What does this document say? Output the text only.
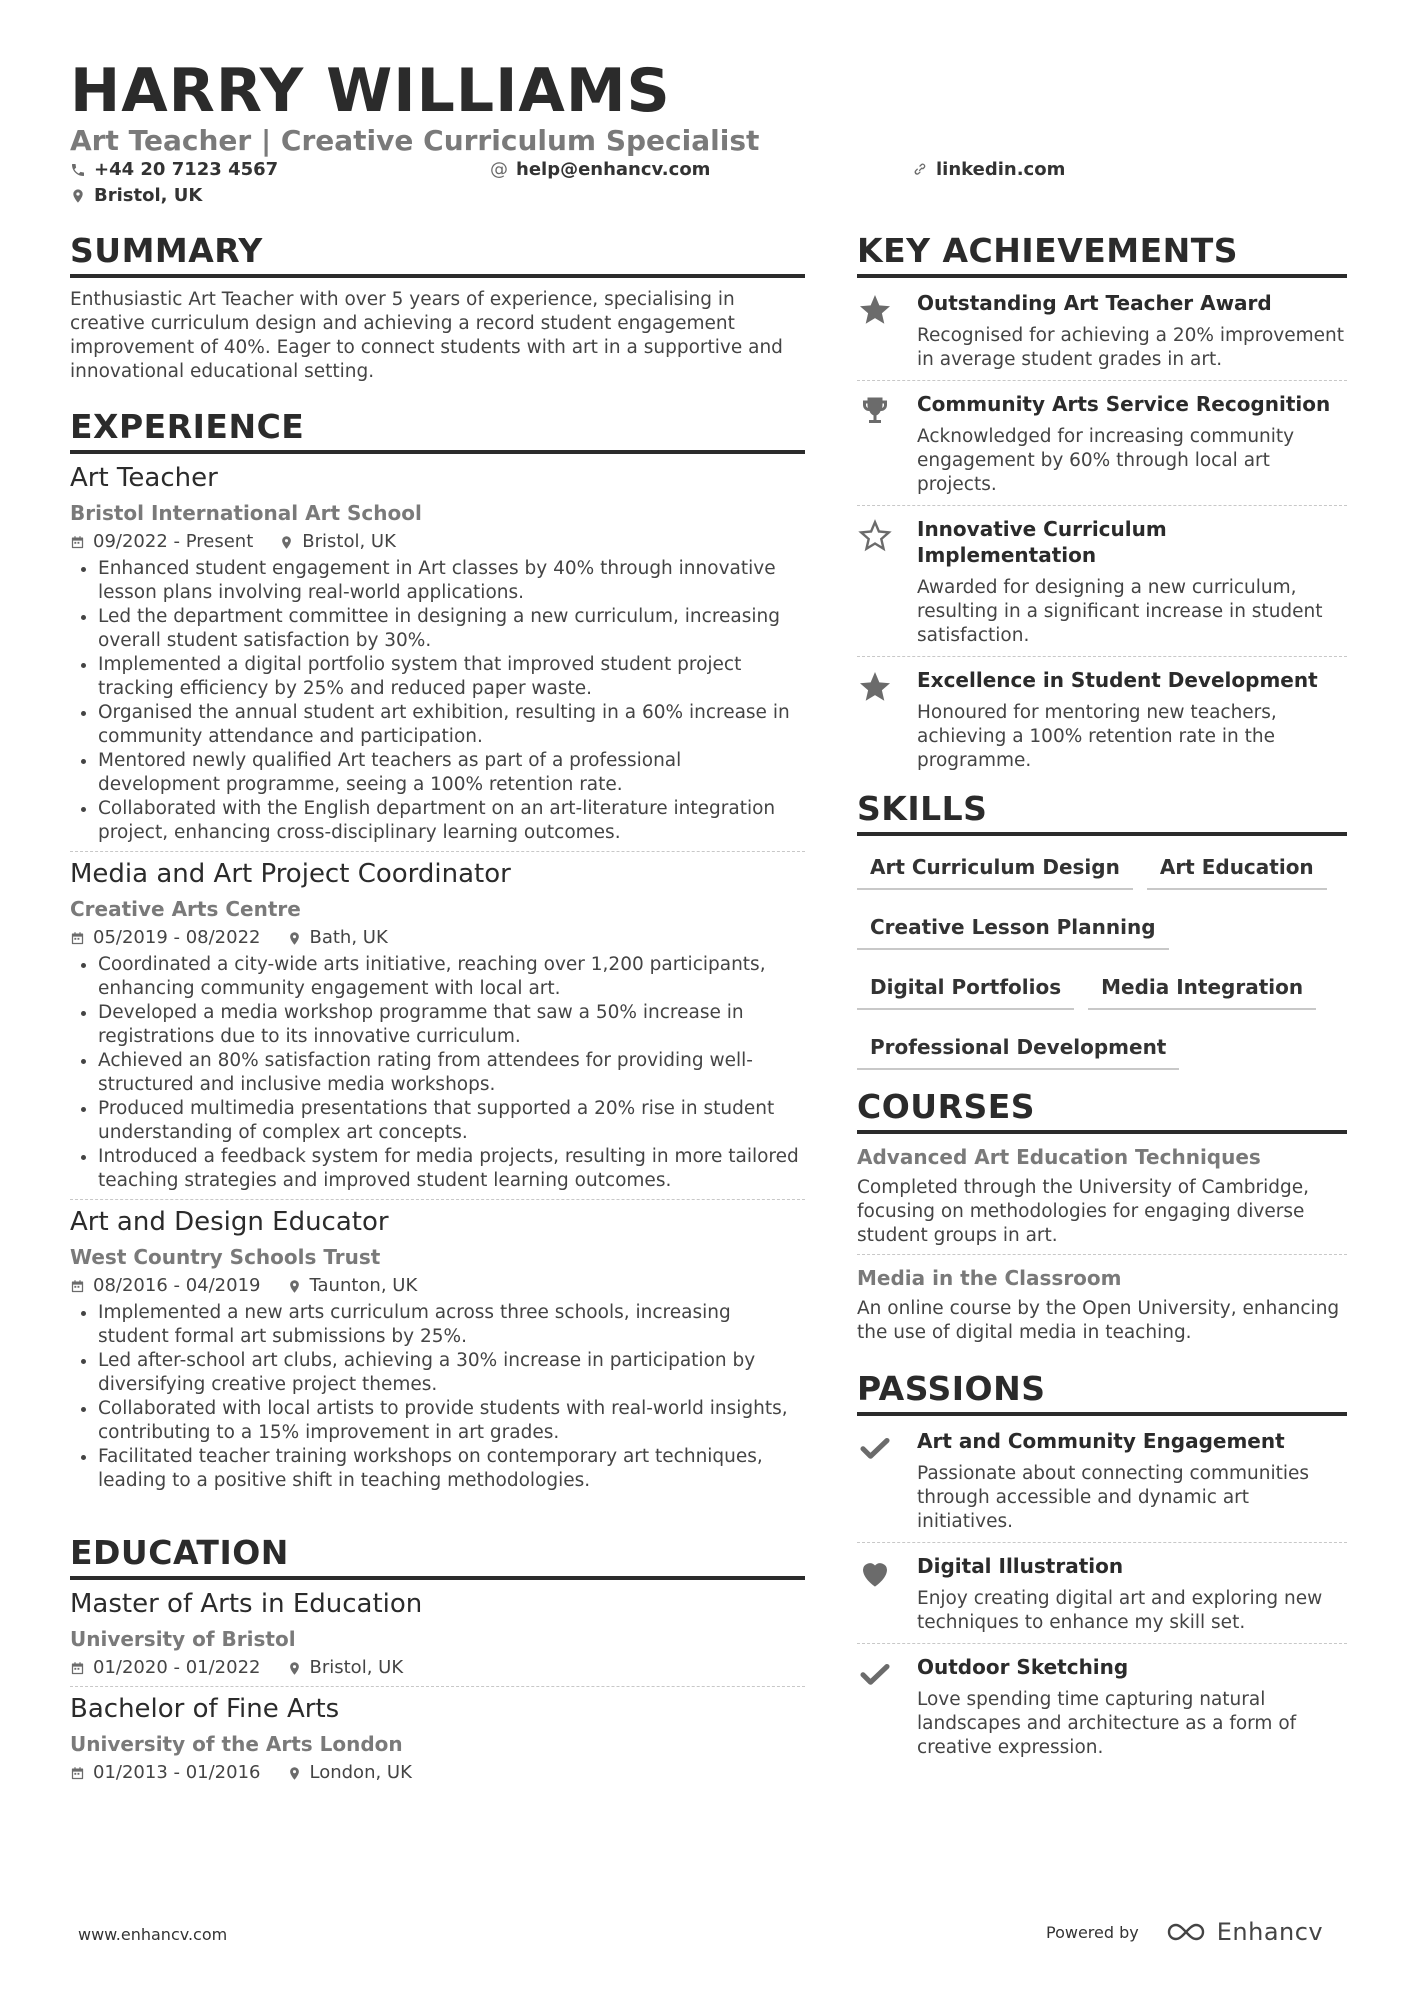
HARRY WILLIAMS
Art Teacher | Creative Curriculum Specialist
+44 20 7123 4567	@ help@enhancv.com	linkedin.com
Bristol, UK
SUMMARY
Enthusiastic Art Teacher with over 5 years of experience, specialising in creative curriculum design and achieving a record student engagement improvement of 40%. Eager to connect students with art in a supportive and innovational educational setting.
EXPERIENCE
Art Teacher
Bristol International Art School
09/2022 - Present	Bristol, UK
• Enhanced student engagement in Art classes by 40% through innovative lesson plans involving real-world applications.
• Led the department committee in designing a new curriculum, increasing overall student satisfaction by 30%.
• Implemented a digital portfolio system that improved student project tracking efficiency by 25% and reduced paper waste.
• Organised the annual student art exhibition, resulting in a 60% increase in community attendance and participation.
• Mentored newly qualified Art teachers as part of a professional development programme, seeing a 100% retention rate.
• Collaborated with the English department on an art-literature integration project, enhancing cross-disciplinary learning outcomes.
Media and Art Project Coordinator
Creative Arts Centre
05/2019 - 08/2022	Bath, UK
• Coordinated a city-wide arts initiative, reaching over 1,200 participants, enhancing community engagement with local art.
• Developed a media workshop programme that saw a 50% increase in registrations due to its innovative curriculum.
• Achieved an 80% satisfaction rating from attendees for providing well-structured and inclusive media workshops.
• Produced multimedia presentations that supported a 20% rise in student understanding of complex art concepts.
• Introduced a feedback system for media projects, resulting in more tailored teaching strategies and improved student learning outcomes.
Art and Design Educator
West Country Schools Trust
08/2016 - 04/2019	Taunton, UK
• Implemented a new arts curriculum across three schools, increasing student formal art submissions by 25%.
• Led after-school art clubs, achieving a 30% increase in participation by diversifying creative project themes.
• Collaborated with local artists to provide students with real-world insights, contributing to a 15% improvement in art grades.
• Facilitated teacher training workshops on contemporary art techniques, leading to a positive shift in teaching methodologies.
EDUCATION
Master of Arts in Education
University of Bristol
01/2020 - 01/2022	Bristol, UK
Bachelor of Fine Arts
University of the Arts London
01/2013 - 01/2016	London, UK
KEY ACHIEVEMENTS
Outstanding Art Teacher Award
Recognised for achieving a 20% improvement in average student grades in art.
Community Arts Service Recognition
Acknowledged for increasing community engagement by 60% through local art projects.
Innovative Curriculum Implementation
Awarded for designing a new curriculum, resulting in a significant increase in student satisfaction.
Excellence in Student Development
Honoured for mentoring new teachers, achieving a 100% retention rate in the programme.
SKILLS
Art Curriculum Design Art Education
Creative Lesson Planning
Digital Portfolios Media Integration
Professional Development
COURSES
Advanced Art Education Techniques
Completed through the University of Cambridge, focusing on methodologies for engaging diverse student groups in art.
Media in the Classroom
An online course by the Open University, enhancing the use of digital media in teaching.
PASSIONS
Art and Community Engagement
Passionate about connecting communities through accessible and dynamic art initiatives.
Digital Illustration
Enjoy creating digital art and exploring new techniques to enhance my skill set.
Outdoor Sketching
Love spending time capturing natural landscapes and architecture as a form of creative expression.
www.enhancv.com	Powered by	Enhancv
